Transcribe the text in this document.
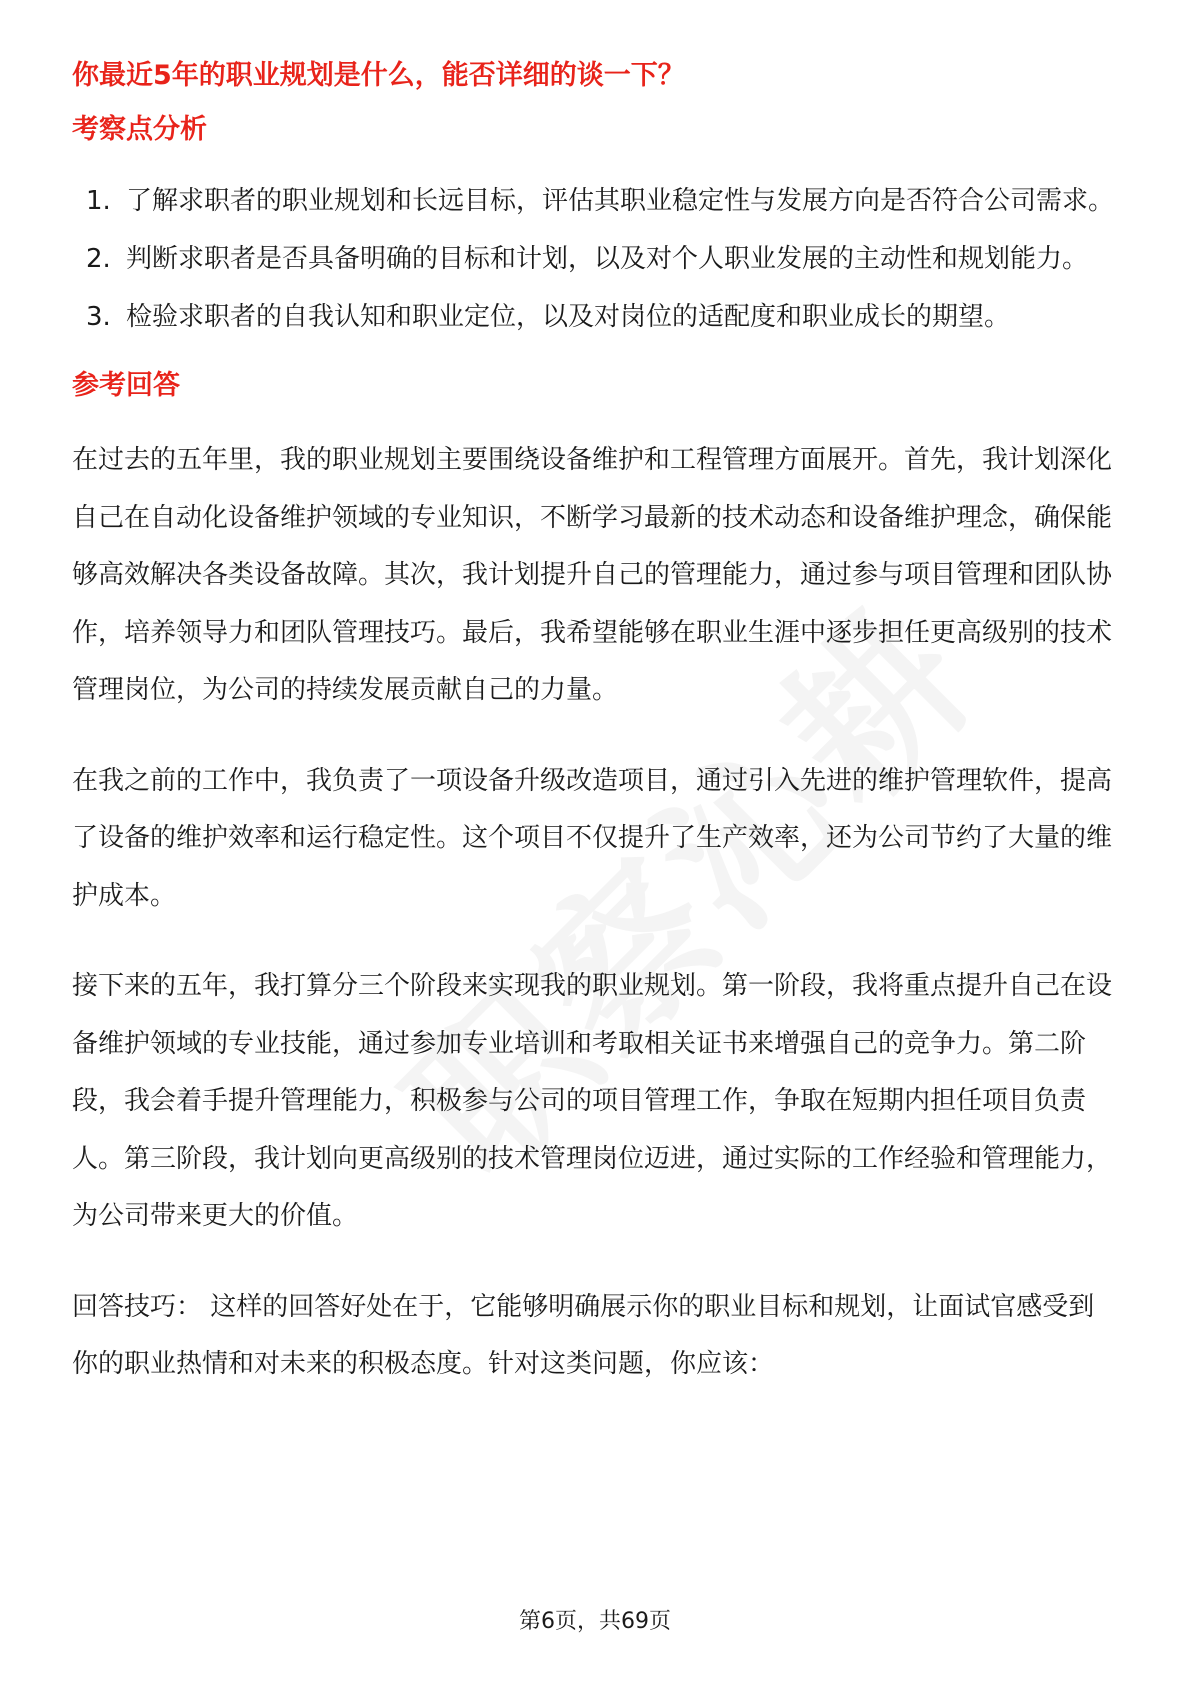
你最近5年的职业规划是什么，能否详细的谈一下？
考察点分析
1. 了解求职者的职业规划和长远目标，评估其职业稳定性与发展方向是否符合公司需求。
2. 判断求职者是否具备明确的目标和计划，以及对个人职业发展的主动性和规划能力。
3. 检验求职者的自我认知和职业定位，以及对岗位的适配度和职业成长的期望。
参考回答

在过去的五年里，我的职业规划主要围绕设备维护和工程管理方面展开。首先，我计划深化自己在自动化设备维护领域的专业知识，不断学习最新的技术动态和设备维护理念，确保能够高效解决各类设备故障。其次，我计划提升自己的管理能力，通过参与项目管理和团队协作，培养领导力和团队管理技巧。最后，我希望能够在职业生涯中逐步担任更高级别的技术管理岗位，为公司的持续发展贡献自己的力量。

在我之前的工作中，我负责了一项设备升级改造项目，通过引入先进的维护管理软件，提高了设备的维护效率和运行稳定性。这个项目不仅提升了生产效率，还为公司节约了大量的维护成本。

接下来的五年，我打算分三个阶段来实现我的职业规划。第一阶段，我将重点提升自己在设备维护领域的专业技能，通过参加专业培训和考取相关证书来增强自己的竞争力。第二阶段，我会着手提升管理能力，积极参与公司的项目管理工作，争取在短期内担任项目负责人。第三阶段，我计划向更高级别的技术管理岗位迈进，通过实际的工作经验和管理能力，为公司带来更大的价值。

回答技巧： 这样的回答好处在于，它能够明确展示你的职业目标和规划，让面试官感受到你的职业热情和对未来的积极态度。针对这类问题，你应该：

第6页，共69页
